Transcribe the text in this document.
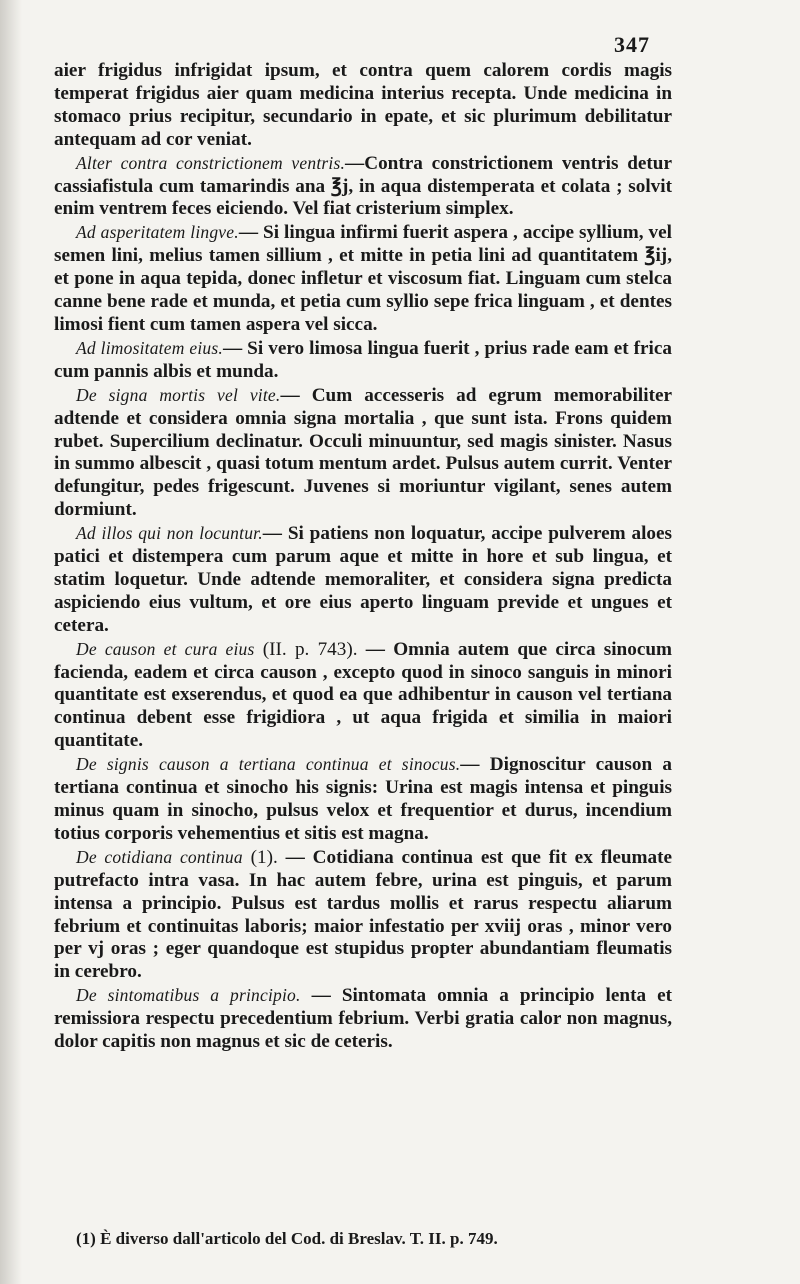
347

aier frigidus infrigidat ipsum, et contra quem calorem cordis magis temperat frigidus aier quam medicina interius recepta. Unde medicina in stomaco prius recipitur, secundario in epate, et sic plurimum debilitatur antequam ad cor veniat.

Alter contra constrictionem ventris.—Contra constrictionem ventris detur cassiafistula cum tamarindis ana ℥j, in aqua distemperata et colata ; solvit enim ventrem feces eiciendo. Vel fiat cristerium simplex.

Ad asperitatem lingve.— Si lingua infirmi fuerit aspera , accipe syllium, vel semen lini, melius tamen sillium , et mitte in petia lini ad quantitatem ℥ij, et pone in aqua tepida, donec infletur et viscosum fiat. Linguam cum stelca canne bene rade et munda, et petia cum syllio sepe frica linguam , et dentes limosi fient cum tamen aspera vel sicca.

Ad limositatem eius.— Si vero limosa lingua fuerit , prius rade eam et frica cum pannis albis et munda.

De signa mortis vel vite.— Cum accesseris ad egrum memorabiliter adtende et considera omnia signa mortalia , que sunt ista. Frons quidem rubet. Supercilium declinatur. Occuli minuuntur, sed magis sinister. Nasus in summo albescit , quasi totum mentum ardet. Pulsus autem currit. Venter defungitur, pedes frigescunt. Juvenes si moriuntur vigilant, senes autem dormiunt.

Ad illos qui non locuntur.— Si patiens non loquatur, accipe pulverem aloes patici et distempera cum parum aque et mitte in hore et sub lingua, et statim loquetur. Unde adtende memoraliter, et considera signa predicta aspiciendo eius vultum, et ore eius aperto linguam previde et ungues et cetera.

De causon et cura eius (II. p. 743). — Omnia autem que circa sinocum facienda, eadem et circa causon , excepto quod in sinoco sanguis in minori quantitate est exserendus, et quod ea que adhibentur in causon vel tertiana continua debent esse frigidiora , ut aqua frigida et similia in maiori quantitate.

De signis causon a tertiana continua et sinocus.— Dignoscitur causon a tertiana continua et sinocho his signis: Urina est magis intensa et pinguis minus quam in sinocho, pulsus velox et frequentior et durus, incendium totius corporis vehementius et sitis est magna.

De cotidiana continua (1). — Cotidiana continua est que fit ex fleumate putrefacto intra vasa. In hac autem febre, urina est pinguis, et parum intensa a principio. Pulsus est tardus mollis et rarus respectu aliarum febrium et continuitas laboris; maior infestatio per xviij oras , minor vero per vj oras ; eger quandoque est stupidus propter abundantiam fleumatis in cerebro.

De sintomatibus a principio. — Sintomata omnia a principio lenta et remissiora respectu precedentium febrium. Verbi gratia calor non magnus, dolor capitis non magnus et sic de ceteris.

(1) È diverso dall'articolo del Cod. di Breslav. T. II. p. 749.
